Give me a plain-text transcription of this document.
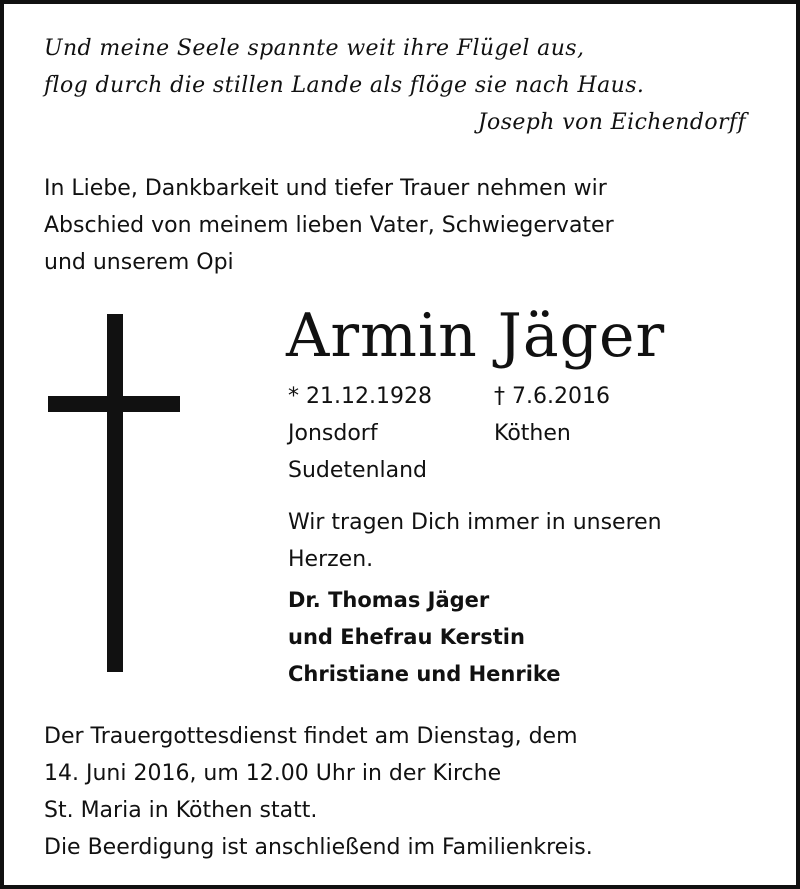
Und meine Seele spannte weit ihre Flügel aus,
flog durch die stillen Lande als flöge sie nach Haus.
Joseph von Eichendorff
In Liebe, Dankbarkeit und tiefer Trauer nehmen wir
Abschied von meinem lieben Vater, Schwiegervater
und unserem Opi
Armin Jäger
* 21.12.1928
Jonsdorf
Sudetenland
† 7.6.2016
Köthen
Wir tragen Dich immer in unseren
Herzen.
Dr. Thomas Jäger
und Ehefrau Kerstin
Christiane und Henrike
Der Trauergottesdienst findet am Dienstag, dem
14. Juni 2016, um 12.00 Uhr in der Kirche
St. Maria in Köthen statt.
Die Beerdigung ist anschließend im Familienkreis.
